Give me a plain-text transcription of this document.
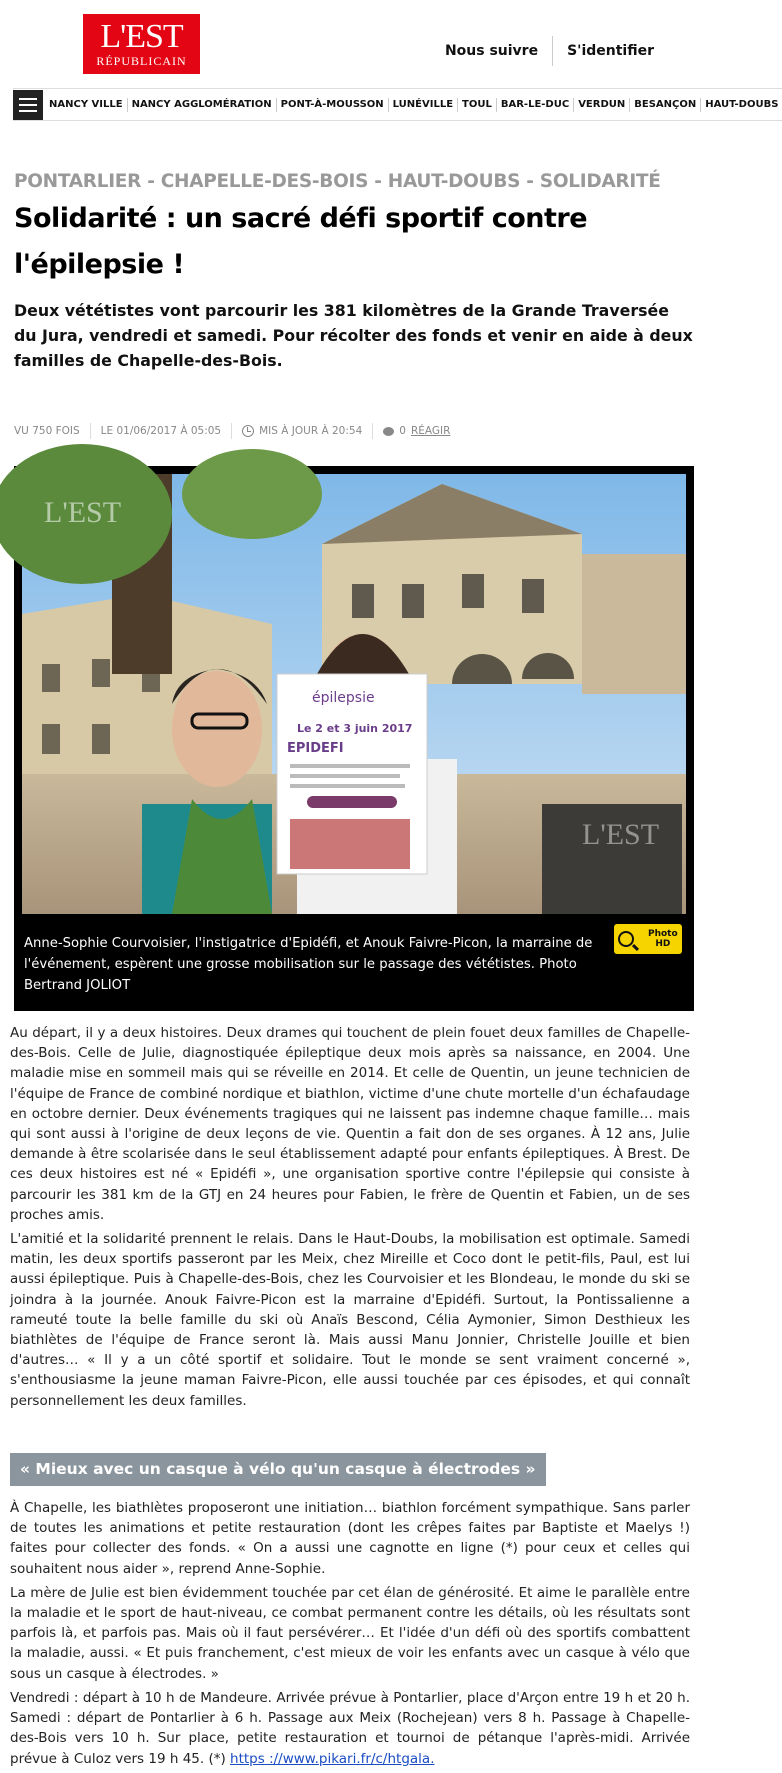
L'EST
RÉPUBLICAIN
Nous suivre S'identifier
NANCY VILLE NANCY AGGLOMÉRATION PONT-À-MOUSSON LUNÉVILLE TOUL BAR-LE-DUC VERDUN BESANÇON HAUT-DOUBS
PONTARLIER - CHAPELLE-DES-BOIS - HAUT-DOUBS - SOLIDARITÉ
Solidarité : un sacré défi sportif contre l'épilepsie !

Deux vététistes vont parcourir les 381 kilomètres de la Grande Traversée du Jura, vendredi et samedi. Pour récolter des fonds et venir en aide à deux familles de Chapelle-des-Bois.

VU 750 FOIS	LE 01/06/2017 À 05:05	MIS À JOUR À 20:54	0 RÉAGIR
épilepsie
Le 2 et 3 juin 2017
EPIDEFI
L'EST
L'EST

Anne-Sophie Courvoisier, l'instigatrice d'Epidéfi, et Anouk Faivre-Picon, la marraine de l'événement, espèrent une grosse mobilisation sur le passage des vététistes. Photo Bertrand JOLIOT

Photo
HD

Au départ, il y a deux histoires. Deux drames qui touchent de plein fouet deux familles de Chapelle-des-Bois. Celle de Julie, diagnostiquée épileptique deux mois après sa naissance, en 2004. Une maladie mise en sommeil mais qui se réveille en 2014. Et celle de Quentin, un jeune technicien de l'équipe de France de combiné nordique et biathlon, victime d'une chute mortelle d'un échafaudage en octobre dernier. Deux événements tragiques qui ne laissent pas indemne chaque famille… mais qui sont aussi à l'origine de deux leçons de vie. Quentin a fait don de ses organes. À 12 ans, Julie demande à être scolarisée dans le seul établissement adapté pour enfants épileptiques. À Brest. De ces deux histoires est né « Epidéfi », une organisation sportive contre l'épilepsie qui consiste à parcourir les 381 km de la GTJ en 24 heures pour Fabien, le frère de Quentin et Fabien, un de ses proches amis.

L'amitié et la solidarité prennent le relais. Dans le Haut-Doubs, la mobilisation est optimale. Samedi matin, les deux sportifs passeront par les Meix, chez Mireille et Coco dont le petit-fils, Paul, est lui aussi épileptique. Puis à Chapelle-des-Bois, chez les Courvoisier et les Blondeau, le monde du ski se joindra à la journée. Anouk Faivre-Picon est la marraine d'Epidéfi. Surtout, la Pontissalienne a rameuté toute la belle famille du ski où Anaïs Bescond, Célia Aymonier, Simon Desthieux les biathlètes de l'équipe de France seront là. Mais aussi Manu Jonnier, Christelle Jouille et bien d'autres… « Il y a un côté sportif et solidaire. Tout le monde se sent vraiment concerné », s'enthousiasme la jeune maman Faivre-Picon, elle aussi touchée par ces épisodes, et qui connaît personnellement les deux familles.

« Mieux avec un casque à vélo qu'un casque à électrodes »

À Chapelle, les biathlètes proposeront une initiation… biathlon forcément sympathique. Sans parler de toutes les animations et petite restauration (dont les crêpes faites par Baptiste et Maelys !) faites pour collecter des fonds. « On a aussi une cagnotte en ligne (*) pour ceux et celles qui souhaitent nous aider », reprend Anne-Sophie.

La mère de Julie est bien évidemment touchée par cet élan de générosité. Et aime le parallèle entre la maladie et le sport de haut-niveau, ce combat permanent contre les détails, où les résultats sont parfois là, et parfois pas. Mais où il faut persévérer… Et l'idée d'un défi où des sportifs combattent la maladie, aussi. « Et puis franchement, c'est mieux de voir les enfants avec un casque à vélo que sous un casque à électrodes. »

Vendredi : départ à 10 h de Mandeure. Arrivée prévue à Pontarlier, place d'Arçon entre 19 h et 20 h. Samedi : départ de Pontarlier à 6 h. Passage aux Meix (Rochejean) vers 8 h. Passage à Chapelle-des-Bois vers 10 h. Sur place, petite restauration et tournoi de pétanque l'après-midi. Arrivée prévue à Culoz vers 19 h 45. (*) https ://www.pikari.fr/c/htgala.
